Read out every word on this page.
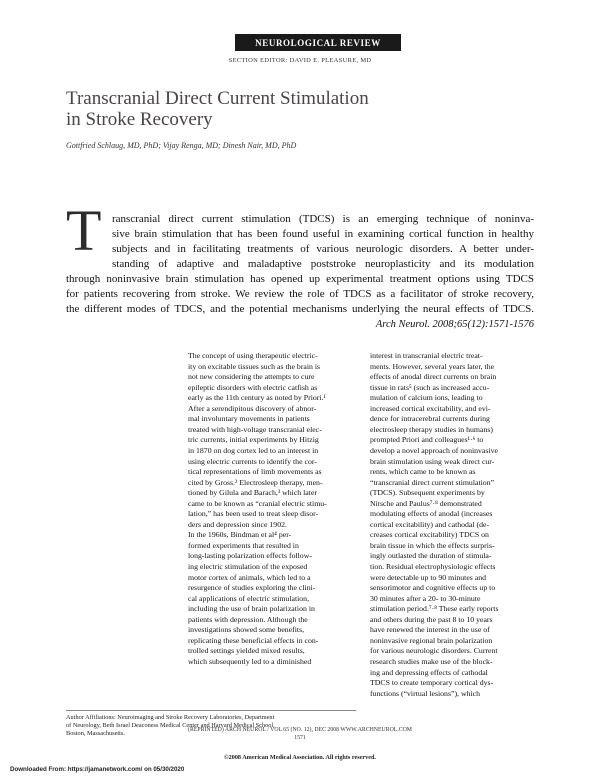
NEUROLOGICAL REVIEW
SECTION EDITOR: DAVID E. PLEASURE, MD
Transcranial Direct Current Stimulation
in Stroke Recovery
Gottfried Schlaug, MD, PhD; Vijay Renga, MD; Dinesh Nair, MD, PhD
T ranscranial direct current stimulation (TDCS) is an emerging technique of noninva-
sive brain stimulation that has been found useful in examining cortical function in healthy
subjects and in facilitating treatments of various neurologic disorders. A better under-
standing of adaptive and maladaptive poststroke neuroplasticity and its modulation
through noninvasive brain stimulation has opened up experimental treatment options using TDCS
for patients recovering from stroke. We review the role of TDCS as a facilitator of stroke recovery,
the different modes of TDCS, and the potential mechanisms underlying the neural effects of TDCS.
Arch Neurol. 2008;65(12):1571-1576
The concept of using therapeutic electric-
ity on excitable tissues such as the brain is
not new considering the attempts to cure
epileptic disorders with electric catfish as
early as the 11th century as noted by Priori.¹
After a serendipitous discovery of abnor-
mal involuntary movements in patients
treated with high-voltage transcranial elec-
tric currents, initial experiments by Hitzig
in 1870 on dog cortex led to an interest in
using electric currents to identify the cor-
tical representations of limb movements as
cited by Gross.² Electrosleep therapy, men-
tioned by Gilula and Barach,³ which later
came to be known as “cranial electric stimu-
lation,” has been used to treat sleep disor-
ders and depression since 1902.
In the 1960s, Bindman et al⁴ per-
formed experiments that resulted in
long-lasting polarization effects follow-
ing electric stimulation of the exposed
motor cortex of animals, which led to a
resurgence of studies exploring the clini-
cal applications of electric stimulation,
including the use of brain polarization in
patients with depression. Although the
investigations showed some benefits,
replicating these beneficial effects in con-
trolled settings yielded mixed results,
which subsequently led to a diminished
interest in transcranial electric treat-
ments. However, several years later, the
effects of anodal direct currents on brain
tissue in rats⁵ (such as increased accu-
mulation of calcium ions, leading to
increased cortical excitability, and evi-
dence for intracerebral currents during
electrosleep therapy studies in humans)
prompted Priori and colleagues¹·⁶ to
develop a novel approach of noninvasive
brain stimulation using weak direct cur-
rents, which came to be known as
“transcranial direct current stimulation”
(TDCS). Subsequent experiments by
Nitsche and Paulus⁷·⁸ demonstrated
modulating effects of anodal (increases
cortical excitability) and cathodal (de-
creases cortical excitability) TDCS on
brain tissue in which the effects surpris-
ingly outlasted the duration of stimula-
tion. Residual electrophysiologic effects
were detectable up to 90 minutes and
sensorimotor and cognitive effects up to
30 minutes after a 20- to 30-minute
stimulation period.⁷·⁸ These early reports
and others during the past 8 to 10 years
have renewed the interest in the use of
noninvasive regional brain polarization
for various neurologic disorders. Current
research studies make use of the block-
ing and depressing effects of cathodal
TDCS to create temporary cortical dys-
functions (“virtual lesions”), which
Author Affiliations: Neuroimaging and Stroke Recovery Laboratories, Department
of Neurology, Beth Israel Deaconess Medical Center and Harvard Medical School,
Boston, Massachusetts.
(REPRINTED) ARCH NEUROL / VOL 65 (NO. 12), DEC 2008 WWW.ARCHNEUROL.COM
1571
©2008 American Medical Association. All rights reserved.
Downloaded From: https://jamanetwork.com/ on 05/30/2020
